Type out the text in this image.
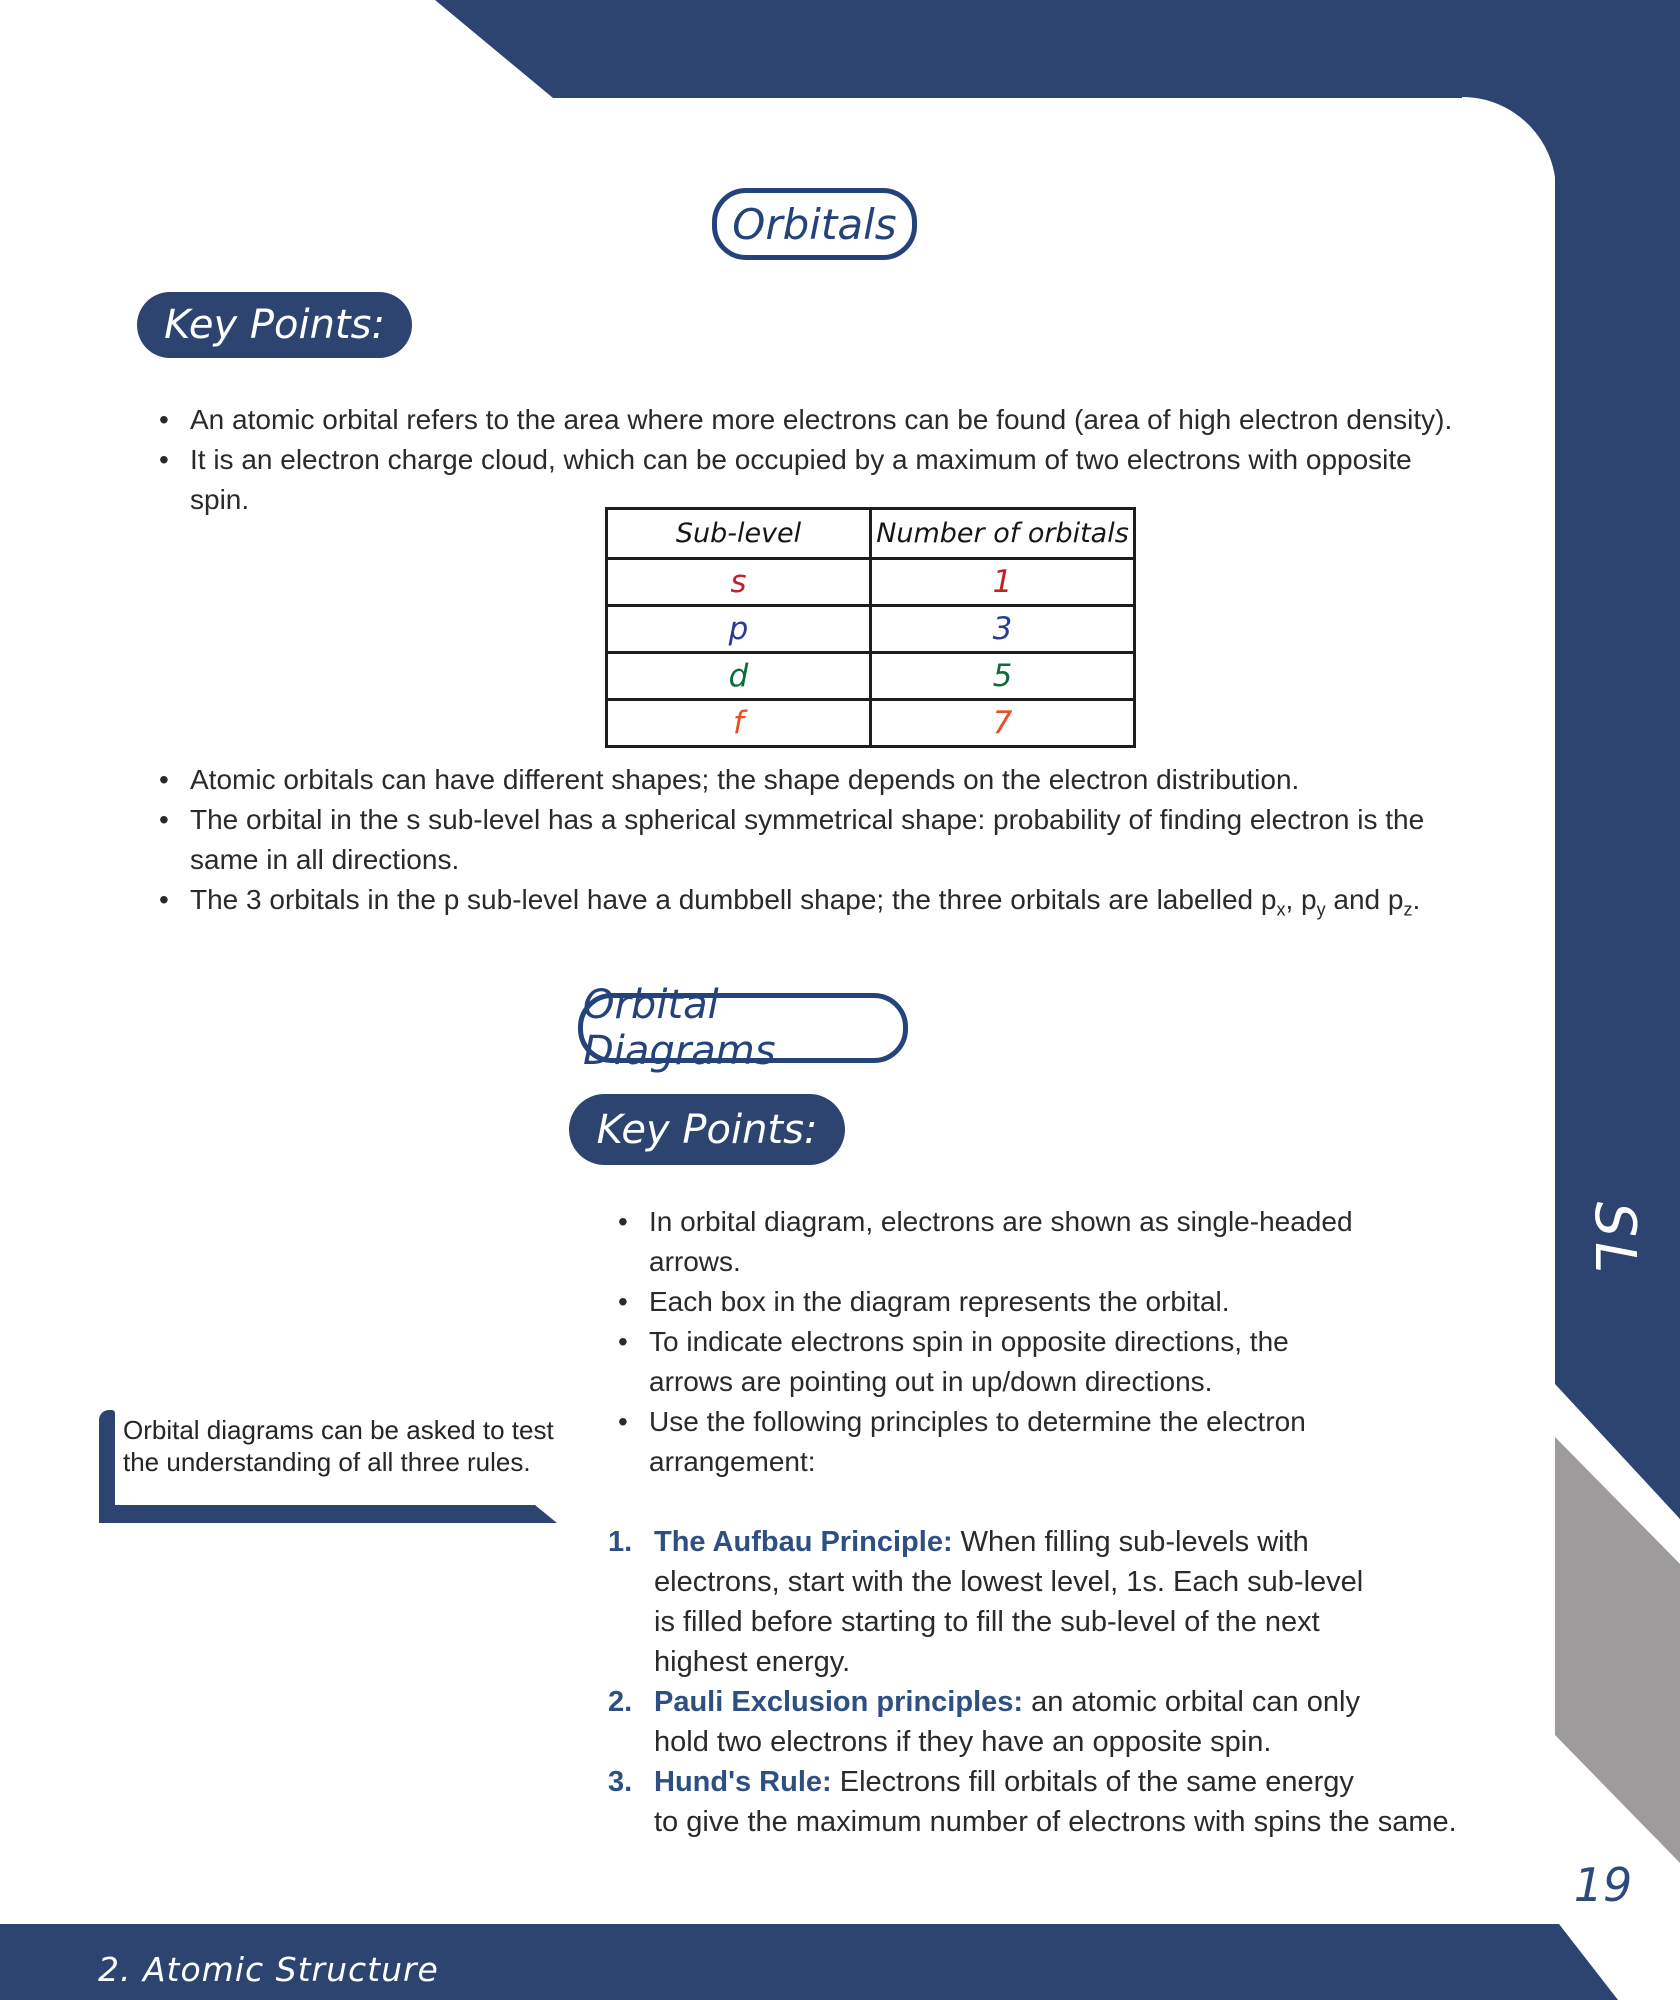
SL
19
2. Atomic Structure
Orbitals
Key Points:
• An atomic orbital refers to the area where more electrons can be found (area of high electron density).
• It is an electron charge cloud, which can be occupied by a maximum of two electrons with opposite
spin.
Sub-level	Number of orbitals
s	1
p	3
d	5
f	7
• Atomic orbitals can have different shapes; the shape depends on the electron distribution.
• The orbital in the s sub-level has a spherical symmetrical shape: probability of finding electron is the
same in all directions.
• The 3 orbitals in the p sub-level have a dumbbell shape; the three orbitals are labelled $p_x$, $p_y$ and $p_z$.
Orbital Diagrams
Key Points:
• In orbital diagram, electrons are shown as single-headed
arrows.
• Each box in the diagram represents the orbital.
• To indicate electrons spin in opposite directions, the
arrows are pointing out in up/down directions.
• Use the following principles to determine the electron
arrangement:
Orbital diagrams can be asked to test
the understanding of all three rules.
1. The Aufbau Principle: When filling sub-levels with
electrons, start with the lowest level, 1s. Each sub-level
is filled before starting to fill the sub-level of the next
highest energy.
2. Pauli Exclusion principles: an atomic orbital can only
hold two electrons if they have an opposite spin.
3. Hund's Rule: Electrons fill orbitals of the same energy
to give the maximum number of electrons with spins the same.
